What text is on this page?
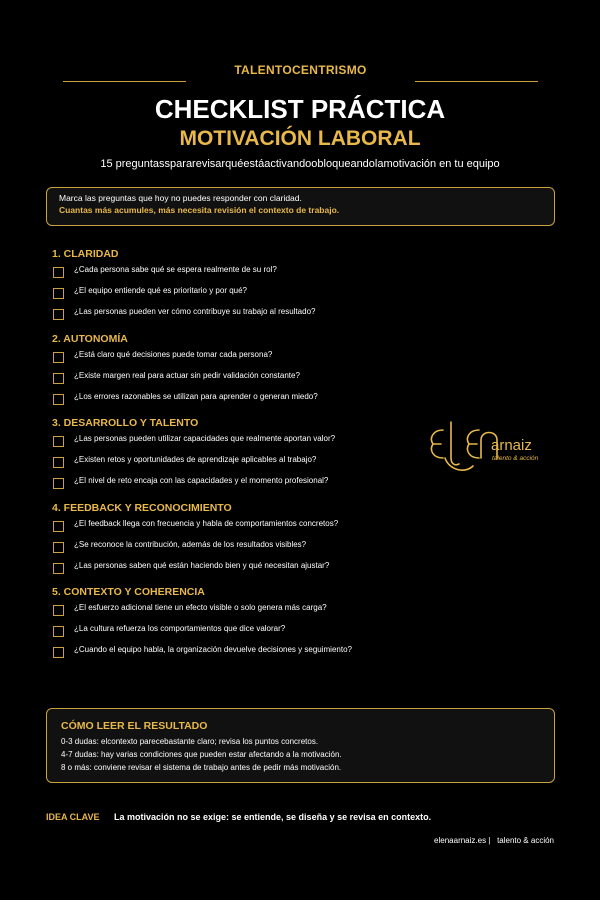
TALENTOCENTRISMO
CHECKLIST PRÁCTICA
MOTIVACIÓN LABORAL
15 preguntasspararevisarquéestáactivandoobloqueandolamotivación en tu equipo
Marca las preguntas que hoy no puedes responder con claridad.
Cuantas más acumules, más necesita revisión el contexto de trabajo.
1. CLARIDAD
¿Cada persona sabe qué se espera realmente de su rol?
¿El equipo entiende qué es prioritario y por qué?
¿Las personas pueden ver cómo contribuye su trabajo al resultado?
2. AUTONOMÍA
¿Está claro qué decisiones puede tomar cada persona?
¿Existe margen real para actuar sin pedir validación constante?
¿Los errores razonables se utilizan para aprender o generan miedo?
3. DESARROLLO Y TALENTO
¿Las personas pueden utilizar capacidades que realmente aportan valor?
¿Existen retos y oportunidades de aprendizaje aplicables al trabajo?
¿El nivel de reto encaja con las capacidades y el momento profesional?
4. FEEDBACK Y RECONOCIMIENTO
¿El feedback llega con frecuencia y habla de comportamientos concretos?
¿Se reconoce la contribución, además de los resultados visibles?
¿Las personas saben qué están haciendo bien y qué necesitan ajustar?
5. CONTEXTO Y COHERENCIA
¿El esfuerzo adicional tiene un efecto visible o solo genera más carga?
¿La cultura refuerza los comportamientos que dice valorar?
¿Cuando el equipo habla, la organización devuelve decisiones y seguimiento?
arnaiz
talento & acción
CÓMO LEER EL RESULTADO
0-3 dudas: elcontexto parecebastante claro; revisa los puntos concretos.
4-7 dudas: hay varias condiciones que pueden estar afectando a la motivación.
8 o más: conviene revisar el sistema de trabajo antes de pedir más motivación.
IDEA CLAVE La motivación no se exige: se entiende, se diseña y se revisa en contexto.
elenaarnaiz.es | talento & acción
